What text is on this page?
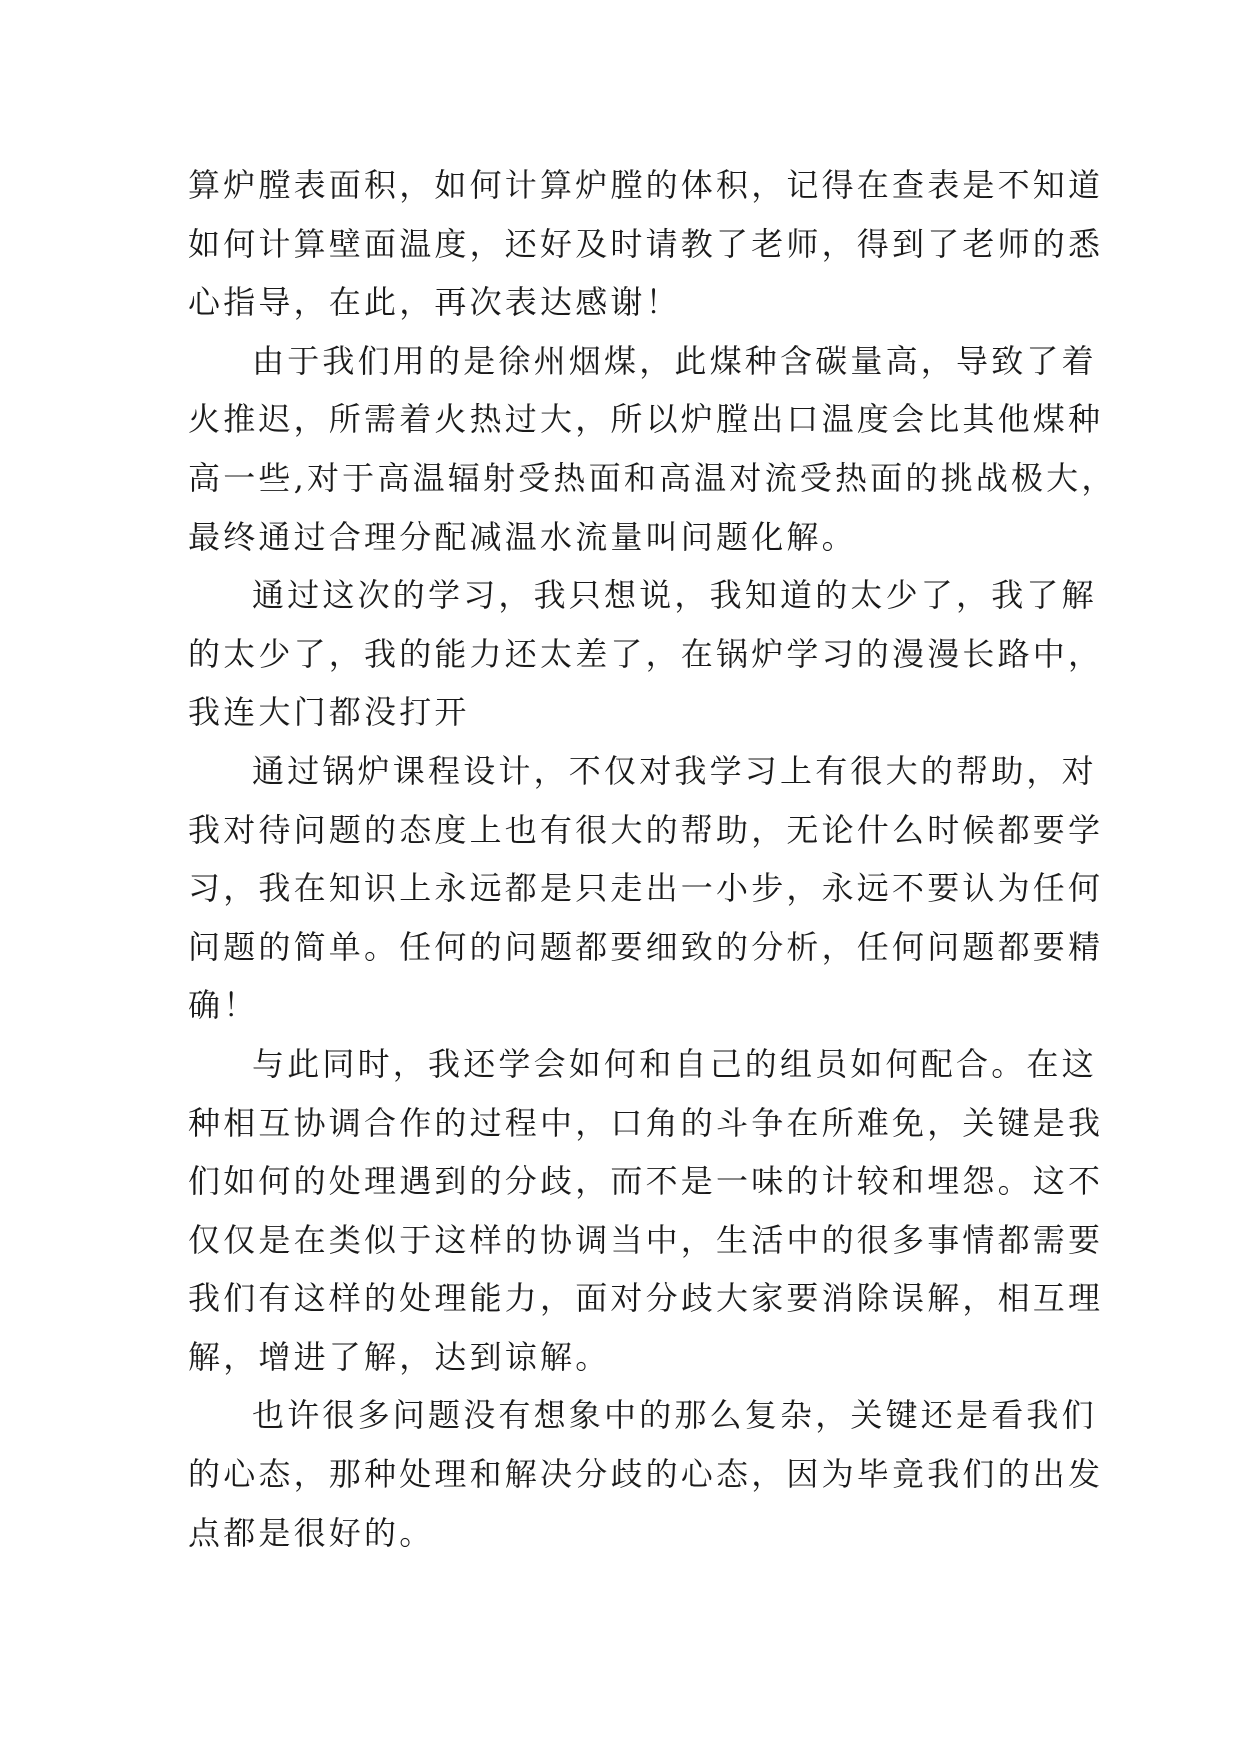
算炉膛表面积，如何计算炉膛的体积，记得在查表是不知道
如何计算壁面温度，还好及时请教了老师，得到了老师的悉
心指导，在此，再次表达感谢！
由于我们用的是徐州烟煤，此煤种含碳量高，导致了着
火推迟，所需着火热过大，所以炉膛出口温度会比其他煤种
高一些,对于高温辐射受热面和高温对流受热面的挑战极大，
最终通过合理分配减温水流量叫问题化解。
通过这次的学习，我只想说，我知道的太少了，我了解
的太少了，我的能力还太差了，在锅炉学习的漫漫长路中，
我连大门都没打开
通过锅炉课程设计，不仅对我学习上有很大的帮助，对
我对待问题的态度上也有很大的帮助，无论什么时候都要学
习，我在知识上永远都是只走出一小步，永远不要认为任何
问题的简单。任何的问题都要细致的分析，任何问题都要精
确！
与此同时，我还学会如何和自己的组员如何配合。在这
种相互协调合作的过程中，口角的斗争在所难免，关键是我
们如何的处理遇到的分歧，而不是一味的计较和埋怨。这不
仅仅是在类似于这样的协调当中，生活中的很多事情都需要
我们有这样的处理能力，面对分歧大家要消除误解，相互理
解，增进了解，达到谅解。
也许很多问题没有想象中的那么复杂，关键还是看我们
的心态，那种处理和解决分歧的心态，因为毕竟我们的出发
点都是很好的。
